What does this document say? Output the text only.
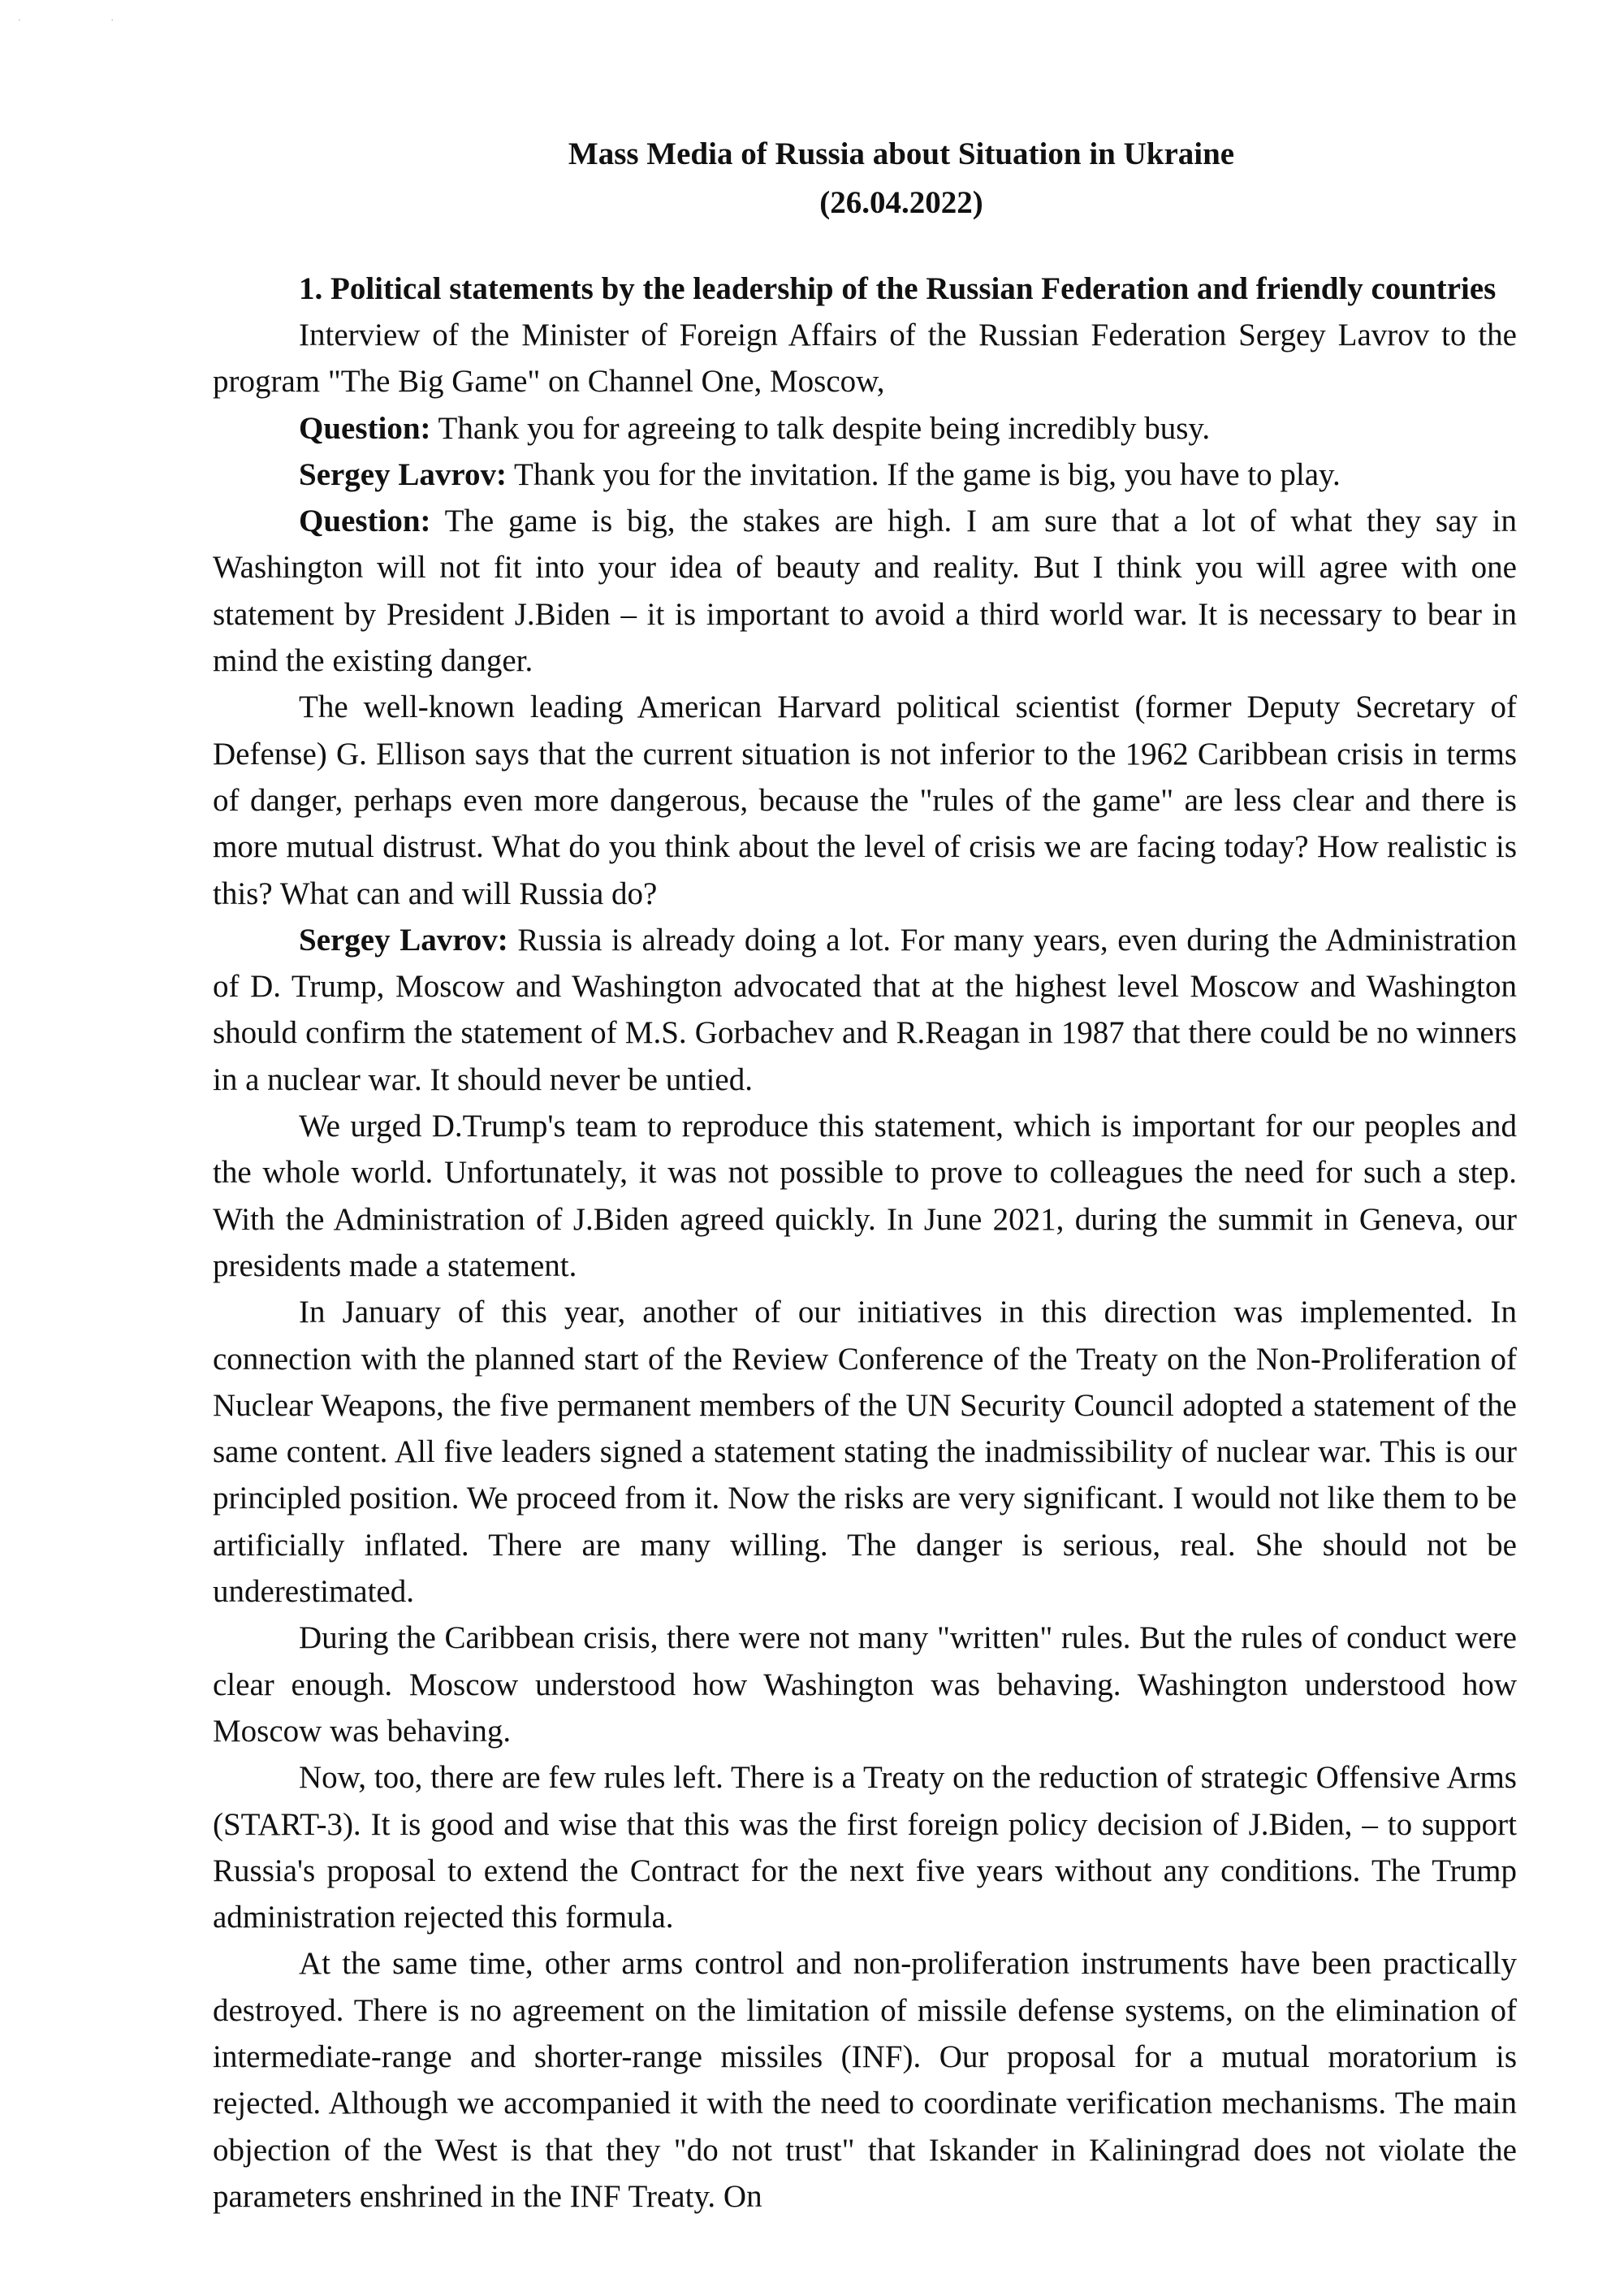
·                             ·
Mass Media of Russia about Situation in Ukraine
(26.04.2022)
1. Political statements by the leadership of the Russian Federation and friendly countries

Interview of the Minister of Foreign Affairs of the Russian Federation Sergey Lavrov to the program "The Big Game" on Channel One, Moscow,

Question: Thank you for agreeing to talk despite being incredibly busy.

Sergey Lavrov: Thank you for the invitation. If the game is big, you have to play.

Question: The game is big, the stakes are high. I am sure that a lot of what they say in Washington will not fit into your idea of beauty and reality. But I think you will agree with one statement by President J.Biden – it is important to avoid a third world war. It is necessary to bear in mind the existing danger.

The well-known leading American Harvard political scientist (former Deputy Secretary of Defense) G. Ellison says that the current situation is not inferior to the 1962 Caribbean crisis in terms of danger, perhaps even more dangerous, because the "rules of the game" are less clear and there is more mutual distrust. What do you think about the level of crisis we are facing today? How realistic is this? What can and will Russia do?

Sergey Lavrov: Russia is already doing a lot. For many years, even during the Administration of D. Trump, Moscow and Washington advocated that at the highest level Moscow and Washington should confirm the statement of M.S. Gorbachev and R.Reagan in 1987 that there could be no winners in a nuclear war. It should never be untied.

We urged D.Trump's team to reproduce this statement, which is important for our peoples and the whole world. Unfortunately, it was not possible to prove to colleagues the need for such a step. With the Administration of J.Biden agreed quickly. In June 2021, during the summit in Geneva, our presidents made a statement.

In January of this year, another of our initiatives in this direction was implemented. In connection with the planned start of the Review Conference of the Treaty on the Non-Proliferation of Nuclear Weapons, the five permanent members of the UN Security Council adopted a statement of the same content. All five leaders signed a statement stating the inadmissibility of nuclear war. This is our principled position. We proceed from it. Now the risks are very significant. I would not like them to be artificially inflated. There are many willing. The danger is serious, real. She should not be underestimated.

During the Caribbean crisis, there were not many "written" rules. But the rules of conduct were clear enough. Moscow understood how Washington was behaving. Washington understood how Moscow was behaving.

Now, too, there are few rules left. There is a Treaty on the reduction of strategic Offensive Arms (START-3). It is good and wise that this was the first foreign policy decision of J.Biden, – to support Russia's proposal to extend the Contract for the next five years without any conditions. The Trump administration rejected this formula.

At the same time, other arms control and non-proliferation instruments have been practically destroyed. There is no agreement on the limitation of missile defense systems, on the elimination of intermediate-range and shorter-range missiles (INF). Our proposal for a mutual moratorium is rejected. Although we accompanied it with the need to coordinate verification mechanisms. The main objection of the West is that they "do not trust" that Iskander in Kaliningrad does not violate the parameters enshrined in the INF Treaty. On
